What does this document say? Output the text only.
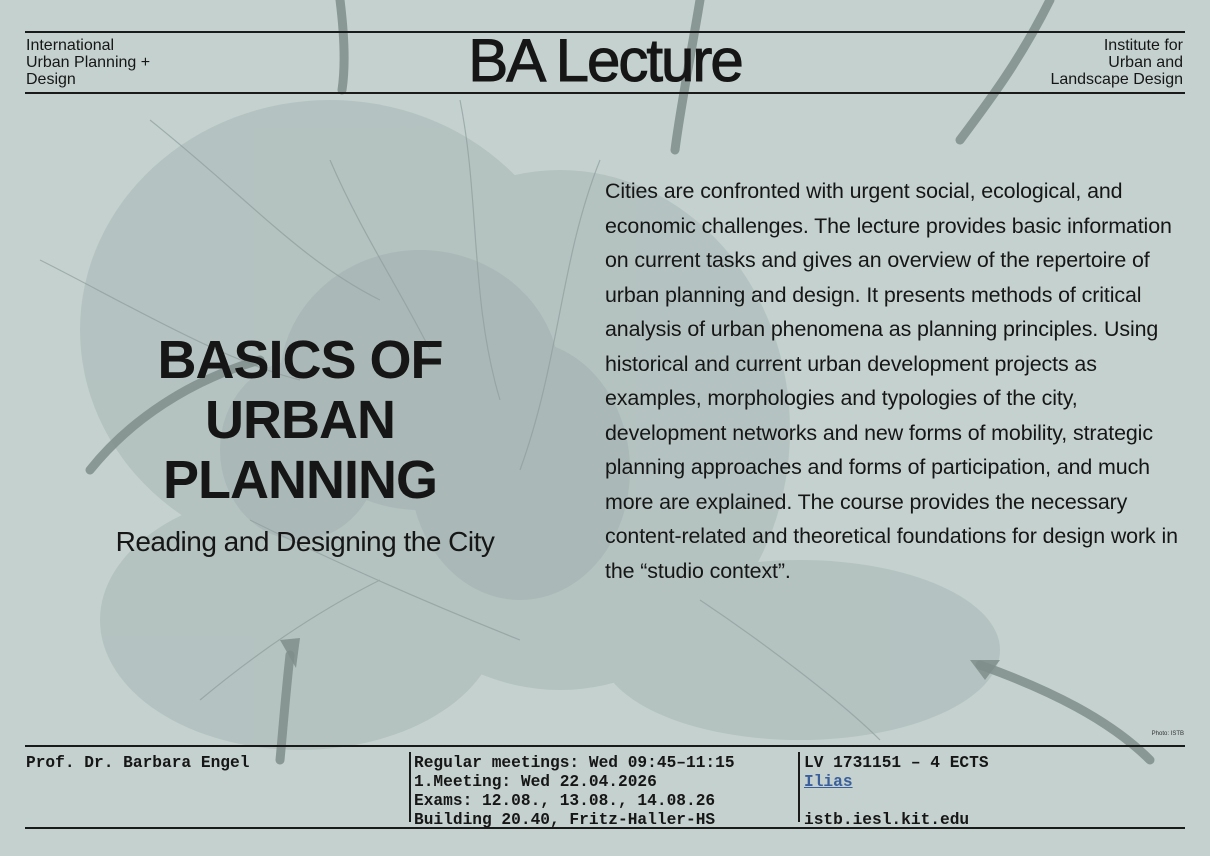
International
Urban Planning +
Design	BA Lecture	Institute for
Urban and
Landscape Design
BASICS OF
URBAN
PLANNING
Reading and Designing the City
Cities are confronted with urgent social, ecological, and economic challenges. The lecture provides basic information on current tasks and gives an overview of the repertoire of urban planning and design. It presents methods of critical analysis of urban phenomena as planning principles. Using historical and current urban development projects as examples, morphologies and typologies of the city, development networks and new forms of mobility, strategic planning approaches and forms of participation, and much more are explained. The course provides the necessary content-related and theoretical foundations for design work in the “studio context”.
Photo: ISTB
Prof. Dr. Barbara Engel	Regular meetings: Wed 09:45–11:15
1.Meeting: Wed 22.04.2026
Exams: 12.08., 13.08., 14.08.26
Building 20.40, Fritz-Haller-HS
LV 1731151 – 4 ECTS
Ilias

istb.iesl.kit.edu
